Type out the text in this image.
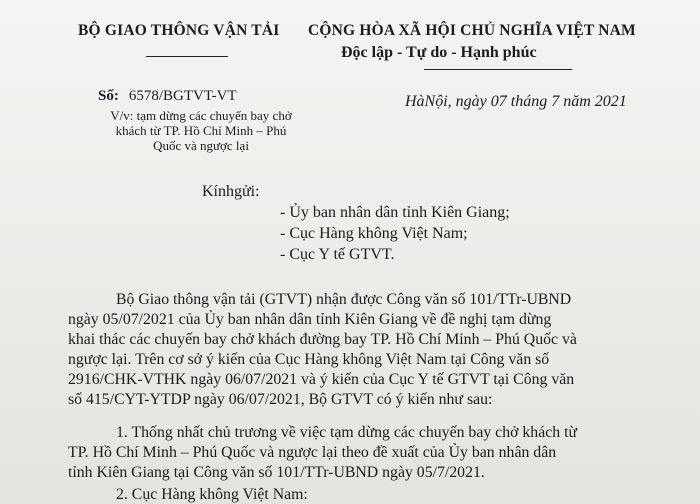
BỘ GIAO THÔNG VẬN TẢI CỘNG HÒA XÃ HỘI CHỦ NGHĨA VIỆT NAM
Độc lập - Tự do - Hạnh phúc
Số: 6578/BGTVT-VT	HàNội, ngày 07 tháng 7 năm 2021
V/v: tạm dừng các chuyến bay chở
khách từ TP. Hồ Chí Minh – Phú
Quốc và ngược lại
Kínhgửi:
- Ủy ban nhân dân tỉnh Kiên Giang;
- Cục Hàng không Việt Nam;
- Cục Y tế GTVT.
Bộ Giao thông vận tải (GTVT) nhận được Công văn số 101/TTr-UBND
ngày 05/07/2021 của Ủy ban nhân dân tỉnh Kiên Giang về đề nghị tạm dừng
khai thác các chuyến bay chở khách đường bay TP. Hồ Chí Minh – Phú Quốc và
ngược lại. Trên cơ sở ý kiến của Cục Hàng không Việt Nam tại Công văn số
2916/CHK-VTHK ngày 06/07/2021 và ý kiến của Cục Y tế GTVT tại Công văn
số 415/CYT-YTDP ngày 06/07/2021, Bộ GTVT có ý kiến như sau:
1. Thống nhất chủ trương về việc tạm dừng các chuyến bay chở khách từ
TP. Hồ Chí Minh – Phú Quốc và ngược lại theo đề xuất của Ủy ban nhân dân
tỉnh Kiên Giang tại Công văn số 101/TTr-UBND ngày 05/7/2021.
2. Cục Hàng không Việt Nam:
